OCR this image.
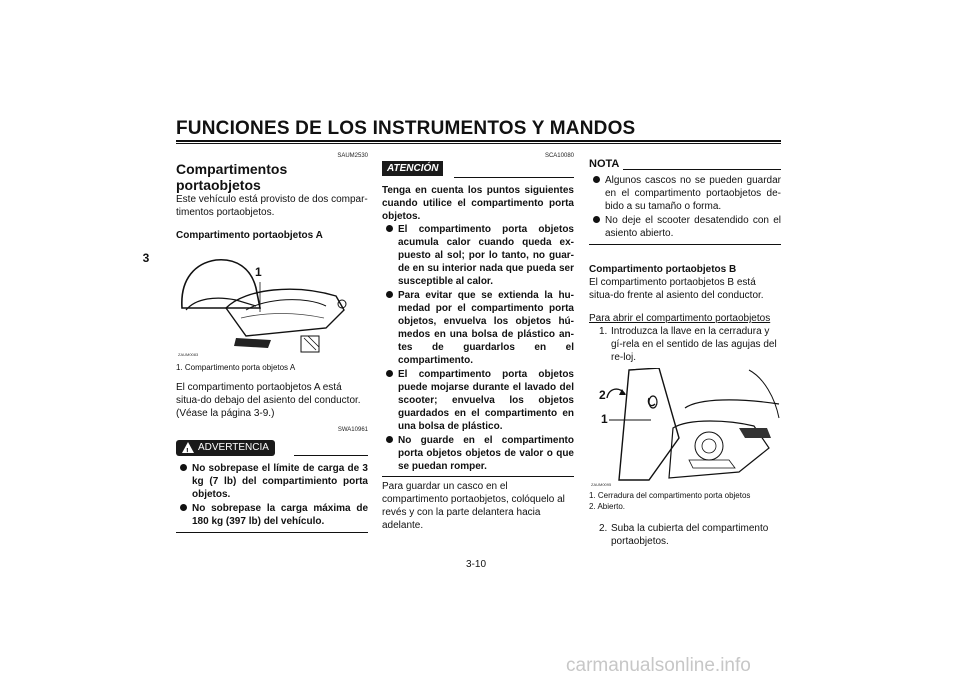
FUNCIONES DE LOS INSTRUMENTOS Y MANDOS
3
SAUM2530
Compartimentos portaobjetos

Este vehículo está provisto de dos compar-timentos portaobjetos.

Compartimento portaobjetos A
1
ZAUM0083
1. Compartimento porta objetos A

El compartimento portaobjetos A está situa-do debajo del asiento del conductor. (Véase la página 3-9.)

SWA10961
! ADVERTENCIA
No sobrepase el límite de carga de 3 kg (7 lb) del compartimiento porta objetos.
No sobrepase la carga máxima de 180 kg (397 lb) del vehículo.
SCA10080
ATENCIÓN

Tenga en cuenta los puntos siguientes cuando utilice el compartimento porta objetos.

El compartimento porta objetos acumula calor cuando queda ex-puesto al sol; por lo tanto, no guar-de en su interior nada que pueda ser susceptible al calor.
Para evitar que se extienda la hu-medad por el compartimento porta objetos, envuelva los objetos hú-medos en una bolsa de plástico an-tes de guardarlos en el compartimento.
El compartimento porta objetos puede mojarse durante el lavado del scooter; envuelva los objetos guardados en el compartimento en una bolsa de plástico.
No guarde en el compartimento porta objetos objetos de valor o que se puedan romper.

Para guardar un casco en el compartimento portaobjetos, colóquelo al revés y con la parte delantera hacia adelante.

NOTA
Algunos cascos no se pueden guardar en el compartimento portaobjetos de-bido a su tamaño o forma.
No deje el scooter desatendido con el asiento abierto.
Compartimento portaobjetos B

El compartimento portaobjetos B está situa-do frente al asiento del conductor.

Para abrir el compartimento portaobjetos

1. Introduzca la llave en la cerradura y gí-rela en el sentido de las agujas del re-loj.
2
1
ZAUM0095
1. Cerradura del compartimento porta objetos
2. Abierto.
2. Suba la cubierta del compartimento portaobjetos.
3-10
carmanualsonline.info
